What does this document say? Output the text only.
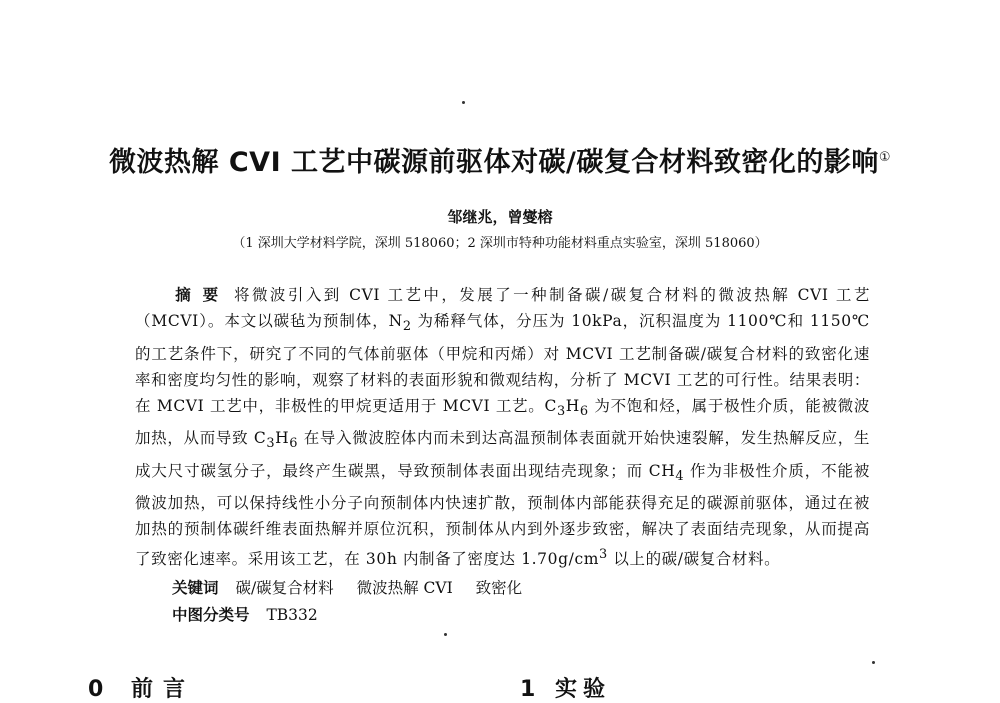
微波热解 CVI 工艺中碳源前驱体对碳/碳复合材料致密化的影响①
邹继兆，曾燮榕
（1 深圳大学材料学院，深圳 518060；2 深圳市特种功能材料重点实验室，深圳 518060）
摘要 将微波引入到 CVI 工艺中，发展了一种制备碳/碳复合材料的微波热解 CVI 工艺（MCVI）。本文以碳毡为预制体，$N_2$ 为稀释气体，分压为 10kPa，沉积温度为 1100℃和 1150℃的工艺条件下，研究了不同的气体前驱体（甲烷和丙烯）对 MCVI 工艺制备碳/碳复合材料的致密化速率和密度均匀性的影响，观察了材料的表面形貌和微观结构，分析了 MCVI 工艺的可行性。结果表明：在 MCVI 工艺中，非极性的甲烷更适用于 MCVI 工艺。$C_3H_6$ 为不饱和烃，属于极性介质，能被微波加热，从而导致 $C_3H_6$ 在导入微波腔体内而未到达高温预制体表面就开始快速裂解，发生热解反应，生成大尺寸碳氢分子，最终产生碳黑，导致预制体表面出现结壳现象；而 $CH_4$ 作为非极性介质，不能被微波加热，可以保持线性小分子向预制体内快速扩散，预制体内部能获得充足的碳源前驱体，通过在被加热的预制体碳纤维表面热解并原位沉积，预制体从内到外逐步致密，解决了表面结壳现象，从而提高了致密化速率。采用该工艺，在 30h 内制备了密度达 $1.70g/cm^3$ 以上的碳/碳复合材料。
关键词 碳/碳复合材料 微波热解 CVI 致密化
中图分类号 TB332
0 前言	1 实验
